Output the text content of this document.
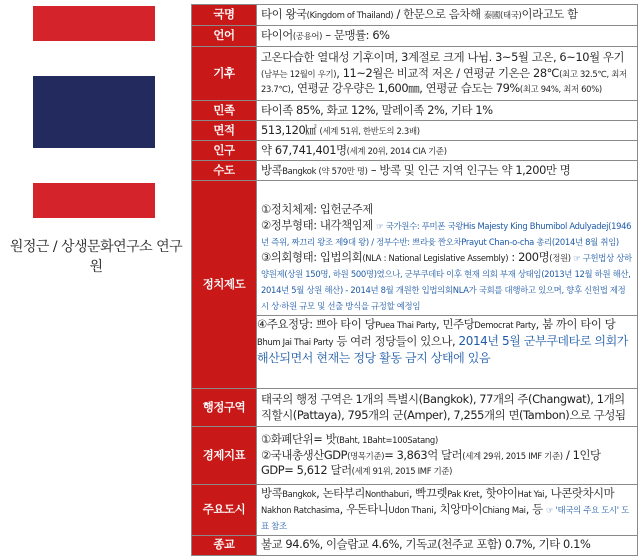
원정근 / 상생문화연구소 연구원
국명	타이 왕국(Kingdom of Thailand) / 한문으로 음차해 泰國(태국)이라고도 함
언어	타이어(공용어) – 문맹률: 6%
기후	고온다습한 열대성 기후이며, 3계절로 크게 나뉨. 3~5월 고온, 6~10월 우기(남부는 12월이 우기), 11~2월은 비교적 저온 / 연평균 기온은 28℃(최고 32.5℃, 최저 23.7℃), 연평균 강우량은 1,600㎜, 연평균 습도는 79%(최고 94%, 최저 60%)
민족	타이족 85%, 화교 12%, 말레이족 2%, 기타 1%
면적	513,120㎢ (세계 51위, 한반도의 2.3배)
인구	약 67,741,401명(세계 20위, 2014 CIA 기준)
수도	방콕Bangkok (약 570만 명) – 방콕 및 인근 지역 인구는 약 1,200만 명
정치제도	①정치체제: 입헌군주제
②정부형태: 내각책임제 ☞ 국가원수: 푸미폰 국왕His Majesty King Bhumibol Adulyadej(1946년 즉위, 짜끄리 왕조 제9대 왕) / 정부수반: 쁘라윳 짠오차Prayut Chan-o-cha 총리(2014년 8월 취임)
③의회형태: 입법의회(NLA : National Legislative Assembly) : 200명(정원) ☞ 구헌법상 상하 양원제(상원 150명, 하원 500명)였으나, 군부쿠데타 이후 현재 의회 부재 상태임(2013년 12월 하원 해산, 2014년 5월 상원 해산) - 2014년 8월 개원한 입법의회NLA가 국회를 대행하고 있으며, 향후 신헌법 제정시 상·하원 규모 및 선출 방식을 규정할 예정임
④주요정당: 쁘아 타이 당Puea Thai Party, 민주당Democrat Party, 붐 까이 타이 당Bhum Jai Thai Party 등 여러 정당들이 있으나, 2014년 5월 군부쿠데타로 의회가 해산되면서 현재는 정당 활동 금지 상태에 있음

행정구역	태국의 행정 구역은 1개의 특별시(Bangkok), 77개의 주(Changwat), 1개의 직할시(Pattaya), 795개의 군(Amper), 7,255개의 면(Tambon)으로 구성됨
경제지표	①화폐단위= 밧(Baht, 1Baht=100Satang)
②국내총생산GDP(명목기준)= 3,863억 달러(세계 29위, 2015 IMF 기준) / 1인당GDP= 5,612 달러(세계 91위, 2015 IMF 기준)

주요도시	방콕Bangkok, 논타부리Nonthaburi, 빡끄렛Pak Kret, 핫야이Hat Yai, 나콘랏차시마Nakhon Ratchasima, 우돈타니Udon Thani, 치앙마이Chiang Mai, 등 ☞ '태국의 주요 도시' 도표 참조
종교	불교 94.6%, 이슬람교 4.6%, 기독교(천주교 포함) 0.7%, 기타 0.1%
